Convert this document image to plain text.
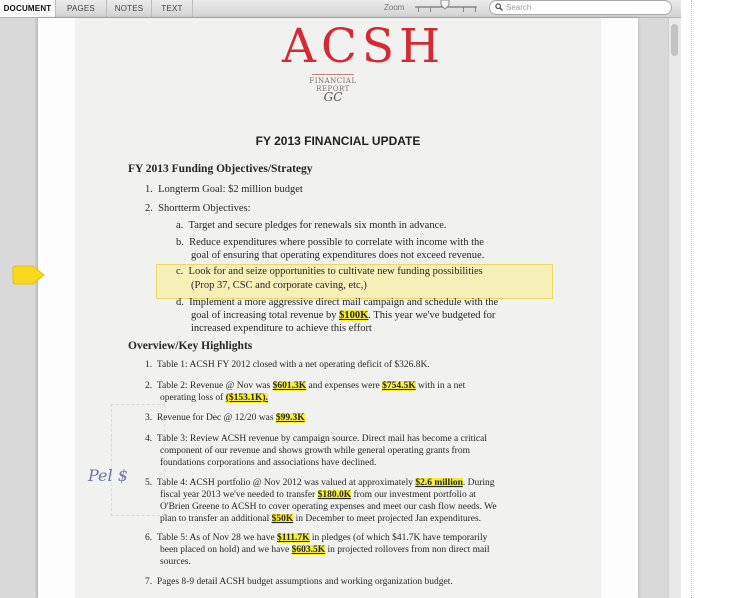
DOCUMENT	PAGES	NOTES	TEXT	Zoom
Search
ACSH
FINANCIAL REPORT
GC
FY 2013 FINANCIAL UPDATE
FY 2013 Funding Objectives/Strategy
1. Longterm Goal: $2 million budget
2. Shortterm Objectives:
a. Target and secure pledges for renewals six month in advance.
b. Reduce expenditures where possible to correlate with income with the
goal of ensuring that operating expenditures does not exceed revenue.
c. Look for and seize opportunities to cultivate new funding possibilities
(Prop 37, CSC and corporate caving, etc,)
d. Implement a more aggressive direct mail campaign and schedule with the
goal of increasing total revenue by $100K. This year we've budgeted for
increased expenditure to achieve this effort
Overview/Key Highlights
1. Table 1: ACSH FY 2012 closed with a net operating deficit of $326.8K.
2. Table 2: Revenue @ Nov was $601.3K and expenses were $754.5K with in a net
operating loss of ($153.1K).
3. Revenue for Dec @ 12/20 was $99.3K
4. Table 3: Review ACSH revenue by campaign source. Direct mail has become a critical
component of our revenue and shows growth while general operating grants from
foundations corporations and associations have declined.
Pel $ 5. Table 4: ACSH portfolio @ Nov 2012 was valued at approximately $2.6 million. During
fiscal year 2013 we've needed to transfer $180.0K from our investment portfolio at
O'Brien Greene to ACSH to cover operating expenses and meet our cash flow needs. We
plan to transfer an additional $50K in December to meet projected Jan expenditures.
6. Table 5: As of Nov 28 we have $111.7K in pledges (of which $41.7K have temporarily
been placed on hold) and we have $603.5K in projected rollovers from non direct mail
sources.
7. Pages 8-9 detail ACSH budget assumptions and working organization budget.
